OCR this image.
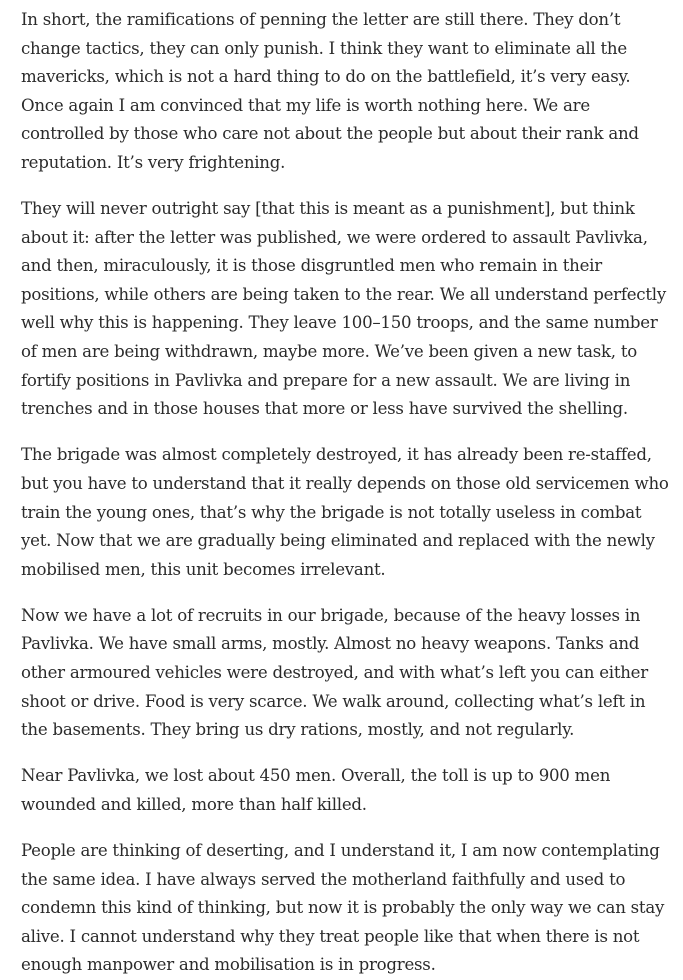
In short, the ramifications of penning the letter are still there. They don’t change tactics, they can only punish. I think they want to eliminate all the mavericks, which is not a hard thing to do on the battlefield, it’s very easy. Once again I am convinced that my life is worth nothing here. We are controlled by those who care not about the people but about their rank and reputation. It’s very frightening.

They will never outright say [that this is meant as a punishment], but think about it: after the letter was published, we were ordered to assault Pavlivka, and then, miraculously, it is those disgruntled men who remain in their positions, while others are being taken to the rear. We all understand perfectly well why this is happening. They leave 100–150 troops, and the same number of men are being withdrawn, maybe more. We’ve been given a new task, to fortify positions in Pavlivka and prepare for a new assault. We are living in trenches and in those houses that more or less have survived the shelling.

The brigade was almost completely destroyed, it has already been re-staffed, but you have to understand that it really depends on those old servicemen who train the young ones, that’s why the brigade is not totally useless in combat yet. Now that we are gradually being eliminated and replaced with the newly mobilised men, this unit becomes irrelevant.

Now we have a lot of recruits in our brigade, because of the heavy losses in Pavlivka. We have small arms, mostly. Almost no heavy weapons. Tanks and other armoured vehicles were destroyed, and with what’s left you can either shoot or drive. Food is very scarce. We walk around, collecting what’s left in the basements. They bring us dry rations, mostly, and not regularly.

Near Pavlivka, we lost about 450 men. Overall, the toll is up to 900 men wounded and killed, more than half killed.

People are thinking of deserting, and I understand it, I am now contemplating the same idea. I have always served the motherland faithfully and used to condemn this kind of thinking, but now it is probably the only way we can stay alive. I cannot understand why they treat people like that when there is not enough manpower and mobilisation is in progress.
